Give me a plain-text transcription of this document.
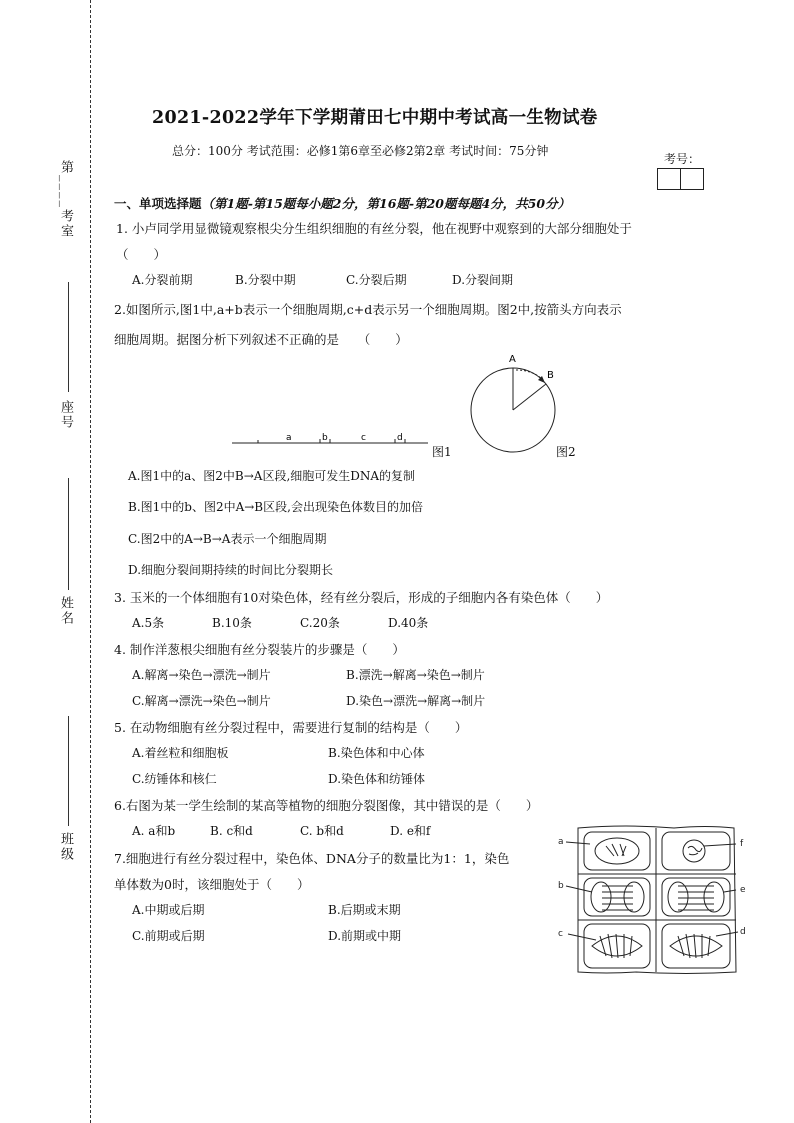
第____考室
座号
姓名
班级
2021-2022学年下学期莆田七中期中考试高一生物试卷
总分：100分 考试范围：必修1第6章至必修2第2章 考试时间：75分钟
考号：
一、单项选择题（第1题-第15题每小题2分，第16题-第20题每题4分，共50分）
1. 小卢同学用显微镜观察根尖分生组织细胞的有丝分裂，他在视野中观察到的大部分细胞处于
（　　）
A.分裂前期	B.分裂中期	C.分裂后期	D.分裂间期
2.如图所示,图1中,a+b表示一个细胞周期,c+d表示另一个细胞周期。图2中,按箭头方向表示
细胞周期。据图分析下列叙述不正确的是　　（　　）
a	b	c	d
A
B
图1	图2
A.图1中的a、图2中B→A区段,细胞可发生DNA的复制
B.图1中的b、图2中A→B区段,会出现染色体数目的加倍
C.图2中的A→B→A表示一个细胞周期
D.细胞分裂间期持续的时间比分裂期长
3. 玉米的一个体细胞有10对染色体，经有丝分裂后，形成的子细胞内各有染色体（　　）
A.5条	B.10条	C.20条	D.40条
4. 制作洋葱根尖细胞有丝分裂装片的步骤是（　　）
A.解离→染色→漂洗→制片	B.漂洗→解离→染色→制片
C.解离→漂洗→染色→制片	D.染色→漂洗→解离→制片
5. 在动物细胞有丝分裂过程中，需要进行复制的结构是（　　）
A.着丝粒和细胞板	B.染色体和中心体
C.纺锤体和核仁	D.染色体和纺锤体
6.右图为某一学生绘制的某高等植物的细胞分裂图像，其中错误的是（　　）
A. a和b	B. c和d	C. b和d	D. e和f
a	f
b	e
c	d
7.细胞进行有丝分裂过程中，染色体、DNA分子的数量比为1：1，染色
单体数为0时，该细胞处于（　　）
A.中期或后期	B.后期或末期
C.前期或后期	D.前期或中期
